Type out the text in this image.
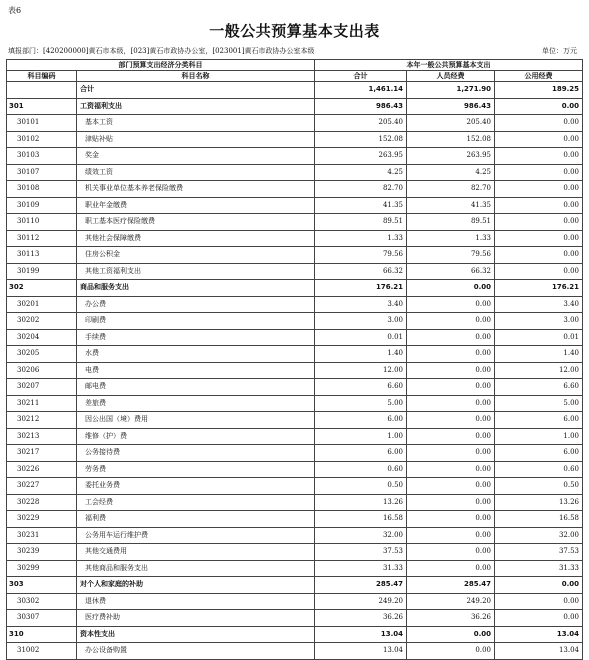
表6
一般公共预算基本支出表
填报部门：[420200000]黄石市本级，[023]黄石市政协办公室，[023001]黄石市政协办公室本级	单位：万元
部门预算支出经济分类科目		本年一般公共预算基本支出		
科目编码	科目名称	合计	人员经费	公用经费
	合计	1,461.14	1,271.90	189.25
301	工资福利支出	986.43	986.43	0.00
30101	基本工资	205.40	205.40	0.00
30102	津贴补贴	152.08	152.08	0.00
30103	奖金	263.95	263.95	0.00
30107	绩效工资	4.25	4.25	0.00
30108	机关事业单位基本养老保险缴费	82.70	82.70	0.00
30109	职业年金缴费	41.35	41.35	0.00
30110	职工基本医疗保险缴费	89.51	89.51	0.00
30112	其他社会保障缴费	1.33	1.33	0.00
30113	住房公积金	79.56	79.56	0.00
30199	其他工资福利支出	66.32	66.32	0.00
302	商品和服务支出	176.21	0.00	176.21
30201	办公费	3.40	0.00	3.40
30202	印刷费	3.00	0.00	3.00
30204	手续费	0.01	0.00	0.01
30205	水费	1.40	0.00	1.40
30206	电费	12.00	0.00	12.00
30207	邮电费	6.60	0.00	6.60
30211	差旅费	5.00	0.00	5.00
30212	因公出国（境）费用	6.00	0.00	6.00
30213	维修（护）费	1.00	0.00	1.00
30217	公务接待费	6.00	0.00	6.00
30226	劳务费	0.60	0.00	0.60
30227	委托业务费	0.50	0.00	0.50
30228	工会经费	13.26	0.00	13.26
30229	福利费	16.58	0.00	16.58
30231	公务用车运行维护费	32.00	0.00	32.00
30239	其他交通费用	37.53	0.00	37.53
30299	其他商品和服务支出	31.33	0.00	31.33
303	对个人和家庭的补助	285.47	285.47	0.00
30302	退休费	249.20	249.20	0.00
30307	医疗费补助	36.26	36.26	0.00
310	资本性支出	13.04	0.00	13.04
31002	办公设备购置	13.04	0.00	13.04
